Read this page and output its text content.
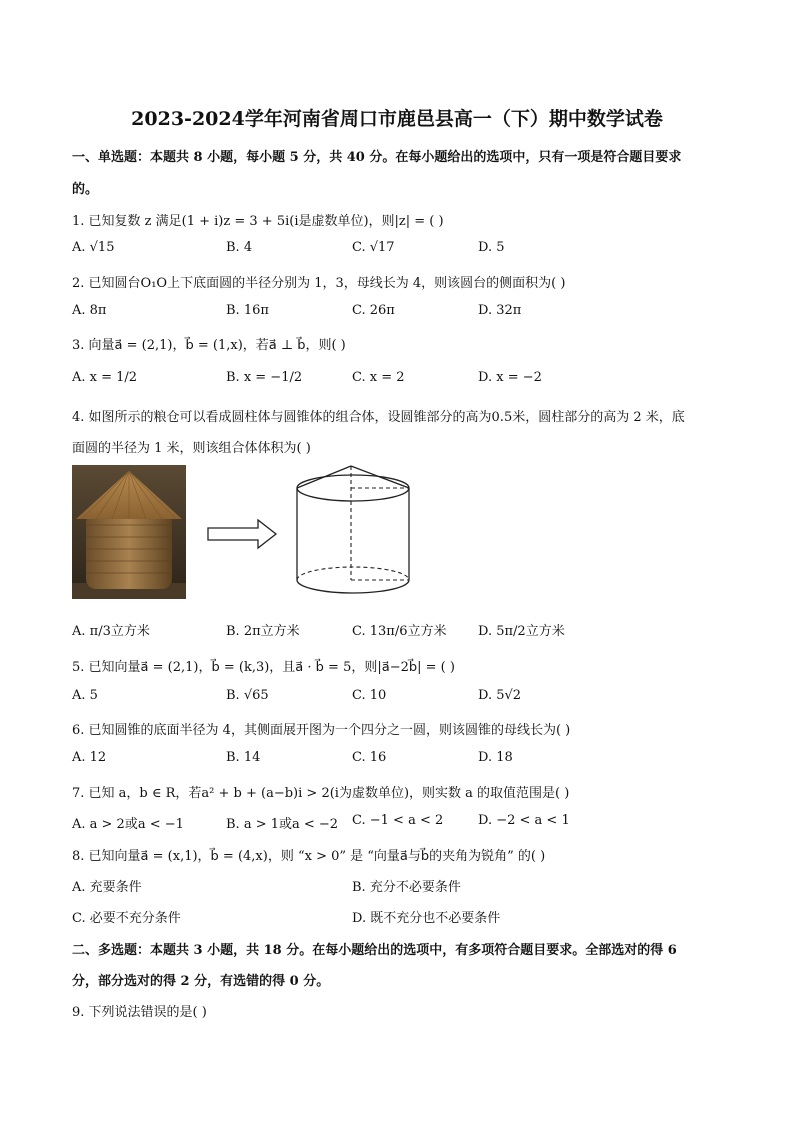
2023-2024学年河南省周口市鹿邑县高一（下）期中数学试卷
一、单选题：本题共 8 小题，每小题 5 分，共 40 分。在每小题给出的选项中，只有一项是符合题目要求
的。
1. 已知复数 z 满足(1 + i)z = 3 + 5i(i是虚数单位)，则|z| = ( )
A. √15	B. 4	C. √17	D. 5
2. 已知圆台O₁O上下底面圆的半径分别为 1，3，母线长为 4，则该圆台的侧面积为( )
A. 8π	B. 16π	C. 26π	D. 32π
3. 向量a⃗ = (2,1)，b⃗ = (1,x)，若a⃗ ⊥ b⃗，则( )
A. x = 1/2	B. x = −1/2	C. x = 2	D. x = −2
4. 如图所示的粮仓可以看成圆柱体与圆锥体的组合体，设圆锥部分的高为0.5米，圆柱部分的高为 2 米，底
面圆的半径为 1 米，则该组合体体积为( )
A. π/3立方米	B. 2π立方米	C. 13π/6立方米 D. 5π/2立方米
5. 已知向量a⃗ = (2,1)，b⃗ = (k,3)，且a⃗ · b⃗ = 5，则|a⃗−2b⃗| = ( )
A. 5	B. √65	C. 10	D. 5√2
6. 已知圆锥的底面半径为 4，其侧面展开图为一个四分之一圆，则该圆锥的母线长为( )
A. 12	B. 14	C. 16	D. 18
7. 已知 a，b ∈ R，若a² + b + (a−b)i > 2(i为虚数单位)，则实数 a 的取值范围是( )
A. a > 2或a < −1	B. a > 1或a < −2 C. −1 < a < 2	D. −2 < a < 1
8. 已知向量a⃗ = (x,1)，b⃗ = (4,x)，则 “x > 0” 是 “向量a⃗与b⃗的夹角为锐角” 的( )
A. 充要条件	B. 充分不必要条件
C. 必要不充分条件	D. 既不充分也不必要条件
二、多选题：本题共 3 小题，共 18 分。在每小题给出的选项中，有多项符合题目要求。全部选对的得 6
分，部分选对的得 2 分，有选错的得 0 分。
9. 下列说法错误的是( )
